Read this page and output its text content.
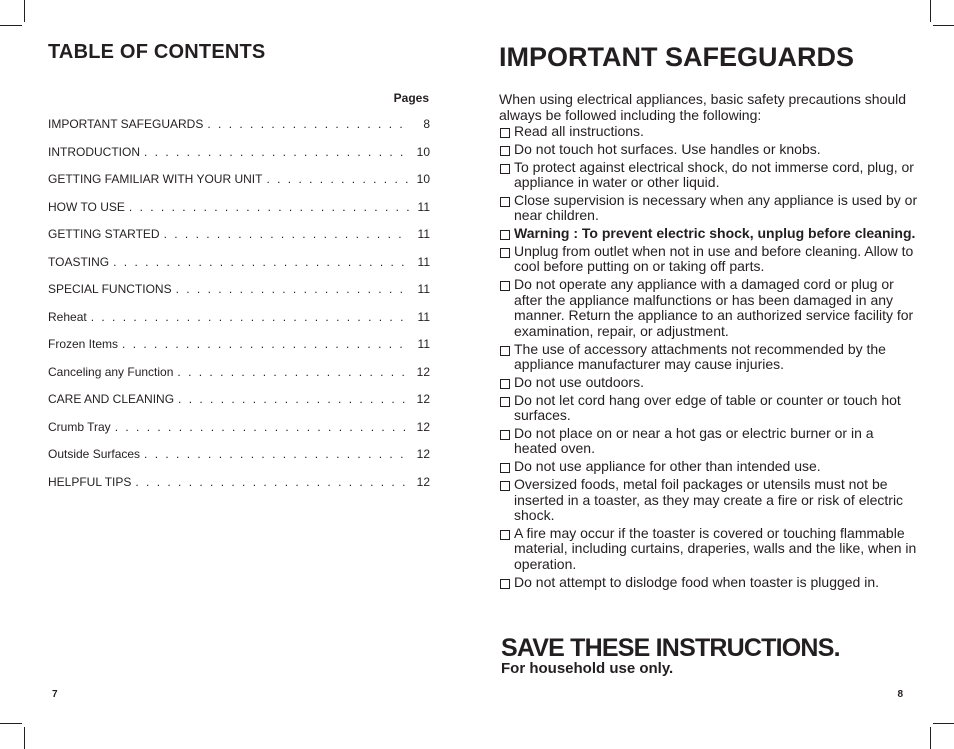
TABLE OF CONTENTS
Pages
IMPORTANT SAFEGUARDS . . .	8
INTRODUCTION . . .	10
GETTING FAMILIAR WITH YOUR UNIT . . .	10
HOW TO USE . . .	11
GETTING STARTED . . .	11
TOASTING . . .	11
SPECIAL FUNCTIONS . . .	11
Reheat . . .	11
Frozen Items . . .	11
Canceling any Function . . .	12
CARE AND CLEANING . . .	12
Crumb Tray . . .	12
Outside Surfaces . . .	12
HELPFUL TIPS . . .	12
7
IMPORTANT SAFEGUARDS
When using electrical appliances, basic safety precautions should always be followed including the following:
Read all instructions.
Do not touch hot surfaces. Use handles or knobs.
To protect against electrical shock, do not immerse cord, plug, or appliance in water or other liquid.
Close supervision is necessary when any appliance is used by or near children.
Warning : To prevent electric shock, unplug before cleaning.
Unplug from outlet when not in use and before cleaning. Allow to cool before putting on or taking off parts.
Do not operate any appliance with a damaged cord or plug or after the appliance malfunctions or has been damaged in any manner. Return the appliance to an authorized service facility for examination, repair, or adjustment.
The use of accessory attachments not recommended by the appliance manufacturer may cause injuries.
Do not use outdoors.
Do not let cord hang over edge of table or counter or touch hot surfaces.
Do not place on or near a hot gas or electric burner or in a heated oven.
Do not use appliance for other than intended use.
Oversized foods, metal foil packages or utensils must not be inserted in a toaster, as they may create a fire or risk of electric shock.
A fire may occur if the toaster is covered or touching flammable material, including curtains, draperies, walls and the like, when in operation.
Do not attempt to dislodge food when toaster is plugged in.
SAVE THESE INSTRUCTIONS.
For household use only.
8
